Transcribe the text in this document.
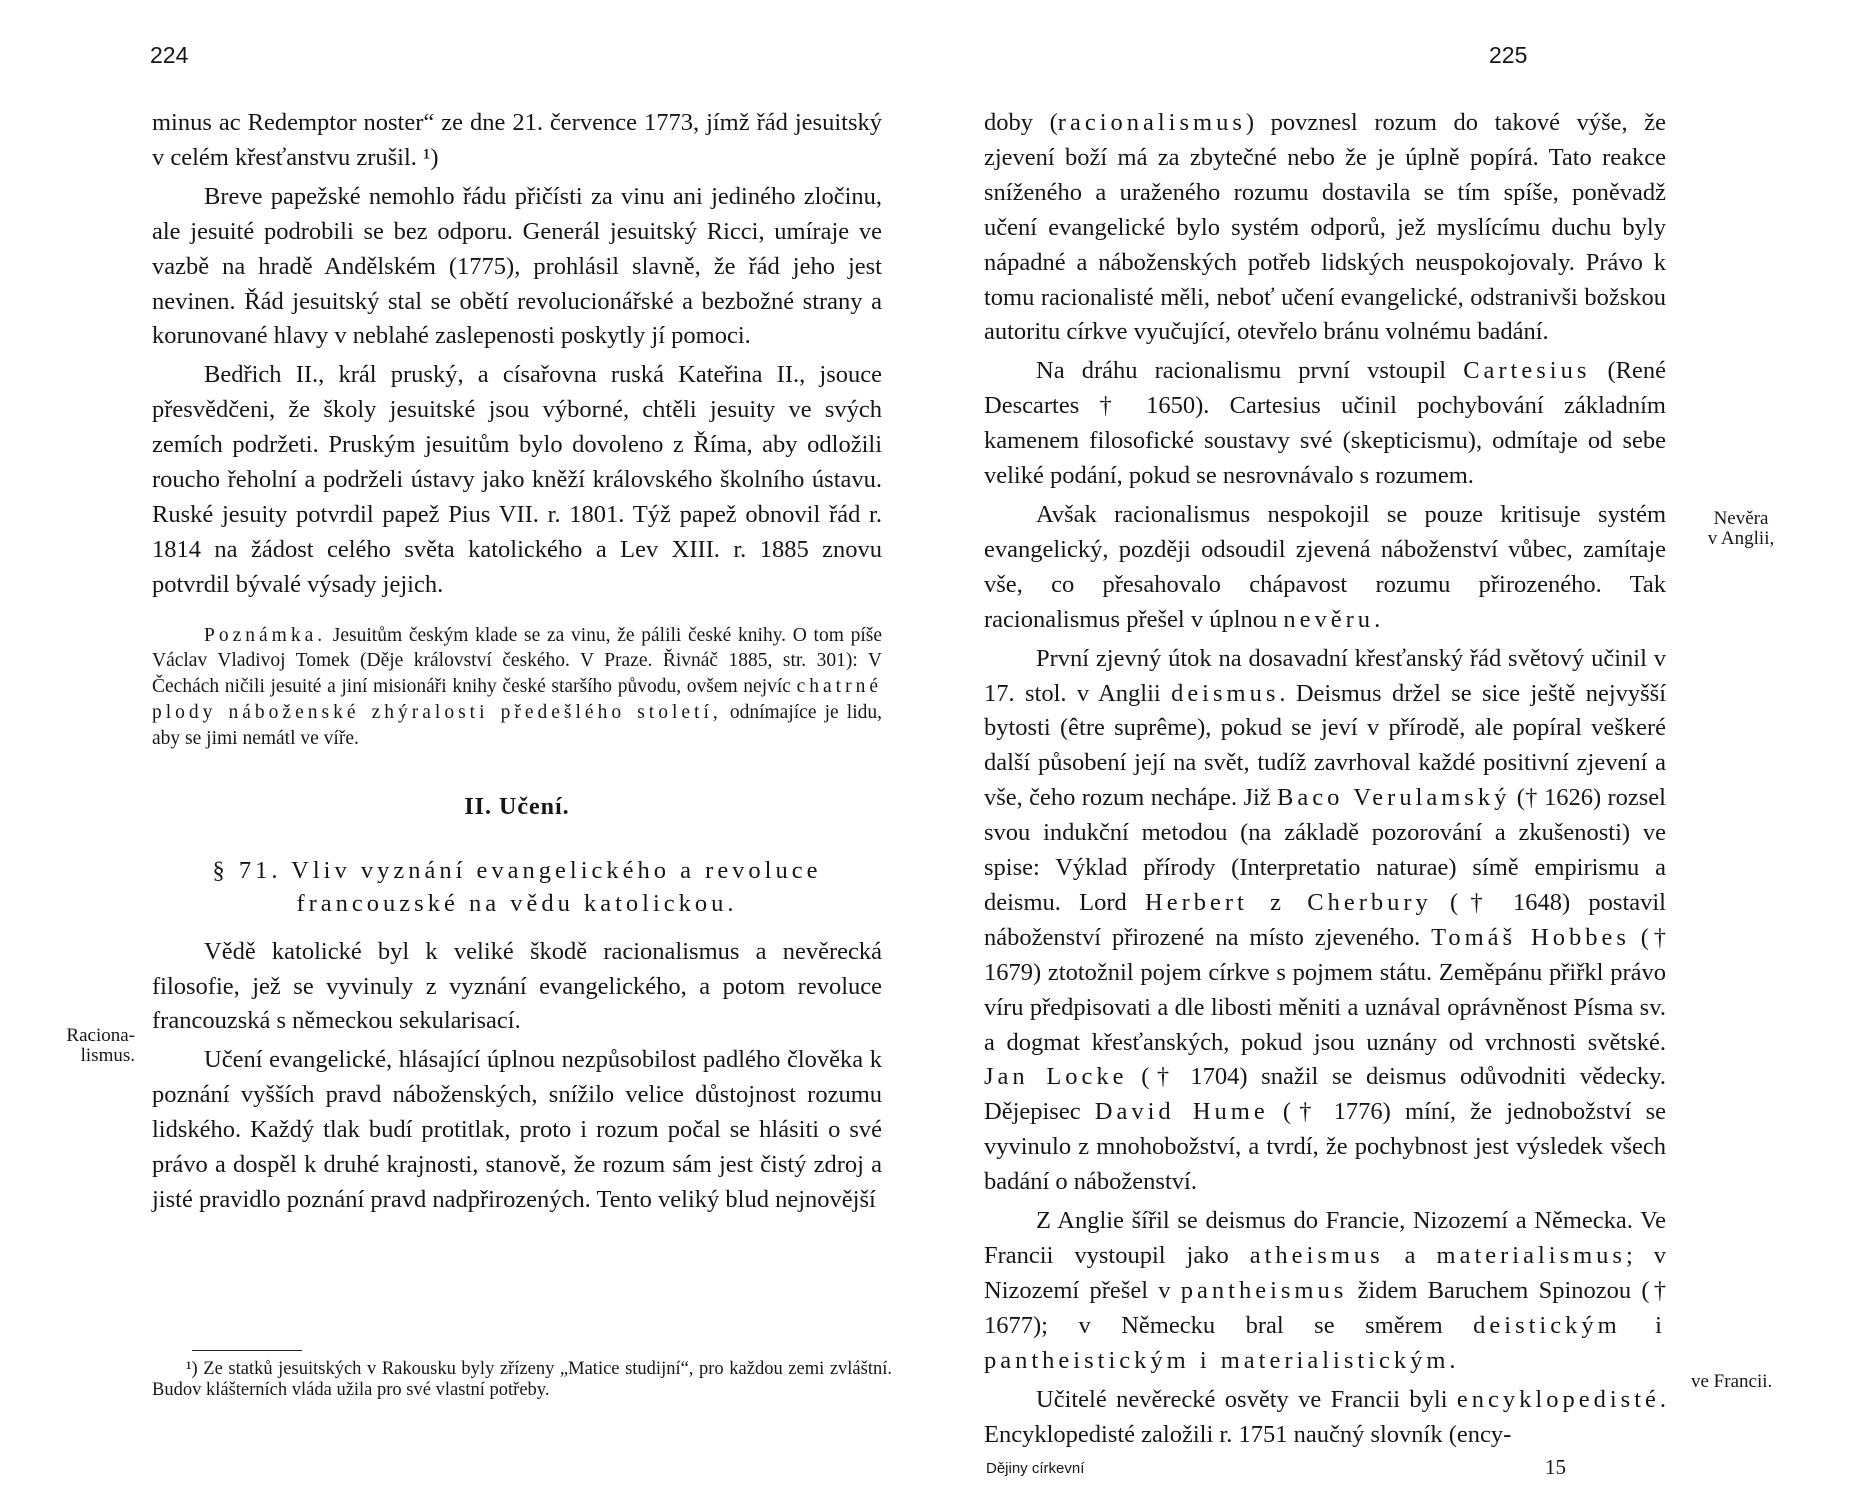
224

minus ac Redemptor noster“ ze dne 21. července 1773, jímž řád jesuitský v celém křesťanstvu zrušil. ¹)

Breve papežské nemohlo řádu přičísti za vinu ani jediného zločinu, ale jesuité podrobili se bez odporu. Generál jesuitský Ricci, umíraje ve vazbě na hradě Andělském (1775), prohlásil slavně, že řád jeho jest nevinen. Řád jesuitský stal se obětí revolucionářské a bezbožné strany a korunované hlavy v neblahé zaslepenosti poskytly jí pomoci.

Bedřich II., král pruský, a císařovna ruská Kateřina II., jsouce přesvědčeni, že školy jesuitské jsou výborné, chtěli jesuity ve svých zemích podržeti. Pruským jesuitům bylo dovoleno z Říma, aby odložili roucho řeholní a podrželi ústavy jako kněží královského školního ústavu. Ruské jesuity potvrdil papež Pius VII. r. 1801. Týž papež obnovil řád r. 1814 na žádost celého světa katolického a Lev XIII. r. 1885 znovu potvrdil bývalé výsady jejich.

Poznámka. Jesuitům českým klade se za vinu, že pálili české knihy. O tom píše Václav Vladivoj Tomek (Děje království českého. V Praze. Řivnáč 1885, str. 301): V Čechách ničili jesuité a jiní misionáři knihy české staršího původu, ovšem nejvíc chatrné plody náboženské zhýralosti předešlého století, odnímajíce je lidu, aby se jimi nemátl ve víře.

II. Učení.
§ 71. Vliv vyznání evangelického a revoluce
francouzské na vědu katolickou.

Vědě katolické byl k veliké škodě racionalismus a nevěrecká filosofie, jež se vyvinuly z vyznání evangelického, a potom revoluce francouzská s německou sekularisací.

Učení evangelické, hlásající úplnou nezpůsobilost padlého člověka k poznání vyšších pravd náboženských, snížilo velice důstojnost rozumu lidského. Každý tlak budí protitlak, proto i rozum počal se hlásiti o své právo a dospěl k druhé krajnosti, stanově, že rozum sám jest čistý zdroj a jisté pravidlo poznání pravd nadpřirozených. Tento veliký blud nejnovější

Raciona-
lismus.

¹) Ze statků jesuitských v Rakousku byly zřízeny „Matice studijní“, pro každou zemi zvláštní. Budov klášterních vláda užila pro své vlastní potřeby.

225

doby (racionalismus) povznesl rozum do takové výše, že zjevení boží má za zbytečné nebo že je úplně popírá. Tato reakce sníženého a uraženého rozumu dostavila se tím spíše, poněvadž učení evangelické bylo systém odporů, jež myslícímu duchu byly nápadné a náboženských potřeb lidských neuspokojovaly. Právo k tomu racionalisté měli, neboť učení evangelické, odstranivši božskou autoritu církve vyučující, otevřelo bránu volnému badání.

Na dráhu racionalismu první vstoupil Cartesius (René Descartes † 1650). Cartesius učinil pochybování základním kamenem filosofické soustavy své (skepticismu), odmítaje od sebe veliké podání, pokud se nesrovnávalo s rozumem.

Avšak racionalismus nespokojil se pouze kritisuje systém evangelický, později odsoudil zjevená náboženství vůbec, zamítaje vše, co přesahovalo chápavost rozumu přirozeného. Tak racionalismus přešel v úplnou nevěru.

První zjevný útok na dosavadní křesťanský řád světový učinil v 17. stol. v Anglii deismus. Deismus držel se sice ještě nejvyšší bytosti (être suprême), pokud se jeví v přírodě, ale popíral veškeré další působení její na svět, tudíž zavrhoval každé positivní zjevení a vše, čeho rozum nechápe. Již Baco Verulamský († 1626) rozsel svou indukční metodou (na základě pozorování a zkušenosti) ve spise: Výklad přírody (Interpretatio naturae) símě empirismu a deismu. Lord Herbert z Cherbury († 1648) postavil náboženství přirozené na místo zjeveného. Tomáš Hobbes († 1679) ztotožnil pojem církve s pojmem státu. Zeměpánu přiřkl právo víru předpisovati a dle libosti měniti a uznával oprávněnost Písma sv. a dogmat křesťanských, pokud jsou uznány od vrchnosti světské. Jan Locke († 1704) snažil se deismus odůvodniti vědecky. Dějepisec David Hume († 1776) míní, že jednobožství se vyvinulo z mnohobožství, a tvrdí, že pochybnost jest výsledek všech badání o náboženství.

Z Anglie šířil se deismus do Francie, Nizozemí a Německa. Ve Francii vystoupil jako atheismus a materialismus; v Nizozemí přešel v pantheismus židem Baruchem Spinozou († 1677); v Německu bral se směrem deistickým i pantheistickým i materialistickým.

Učitelé nevěrecké osvěty ve Francii byli encyklopedisté. Encyklopedisté založili r. 1751 naučný slovník (ency-

Nevěra
v Anglii,
ve Francii.
Dějiny církevní	15
